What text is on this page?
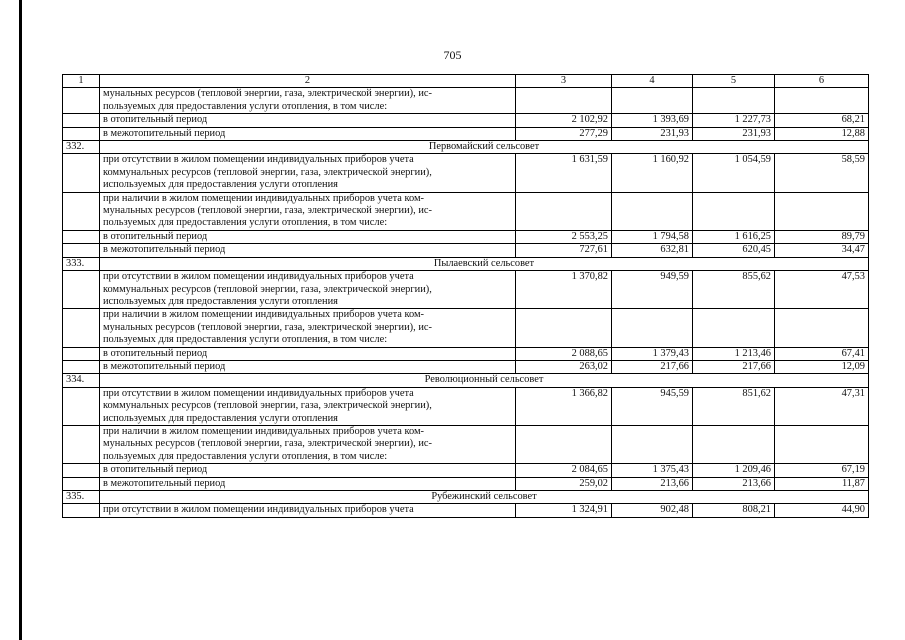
705
1	2	3	4	5	6

	мунальных ресурсов (тепловой энергии, газа, электрической энергии), ис-
пользуемых для предоставления услуги отопления, в том числе:				

	в отопительный период	2 102,92	1 393,69	1 227,73	68,21

	в межотопительный период	277,29	231,93	231,93	12,88
332.	Первомайский сельсовет				

	при отсутствии в жилом помещении индивидуальных приборов учета
коммунальных ресурсов (тепловой энергии, газа, электрической энергии),
используемых для предоставления услуги отопления	1 631,59	1 160,92	1 054,59	58,59

	при наличии в жилом помещении индивидуальных приборов учета ком-
мунальных ресурсов (тепловой энергии, газа, электрической энергии), ис-
пользуемых для предоставления услуги отопления, в том числе:				

	в отопительный период	2 553,25	1 794,58	1 616,25	89,79

	в межотопительный период	727,61	632,81	620,45	34,47
333.	Пылаевский сельсовет				

	при отсутствии в жилом помещении индивидуальных приборов учета
коммунальных ресурсов (тепловой энергии, газа, электрической энергии),
используемых для предоставления услуги отопления	1 370,82	949,59	855,62	47,53

	при наличии в жилом помещении индивидуальных приборов учета ком-
мунальных ресурсов (тепловой энергии, газа, электрической энергии), ис-
пользуемых для предоставления услуги отопления, в том числе:				

	в отопительный период	2 088,65	1 379,43	1 213,46	67,41

	в межотопительный период	263,02	217,66	217,66	12,09
334.	Революционный сельсовет				

	при отсутствии в жилом помещении индивидуальных приборов учета
коммунальных ресурсов (тепловой энергии, газа, электрической энергии),
используемых для предоставления услуги отопления	1 366,82	945,59	851,62	47,31

	при наличии в жилом помещении индивидуальных приборов учета ком-
мунальных ресурсов (тепловой энергии, газа, электрической энергии), ис-
пользуемых для предоставления услуги отопления, в том числе:				

	в отопительный период	2 084,65	1 375,43	1 209,46	67,19

	в межотопительный период	259,02	213,66	213,66	11,87
335.	Рубежинский сельсовет				

	при отсутствии в жилом помещении индивидуальных приборов учета	1 324,91	902,48	808,21	44,90
